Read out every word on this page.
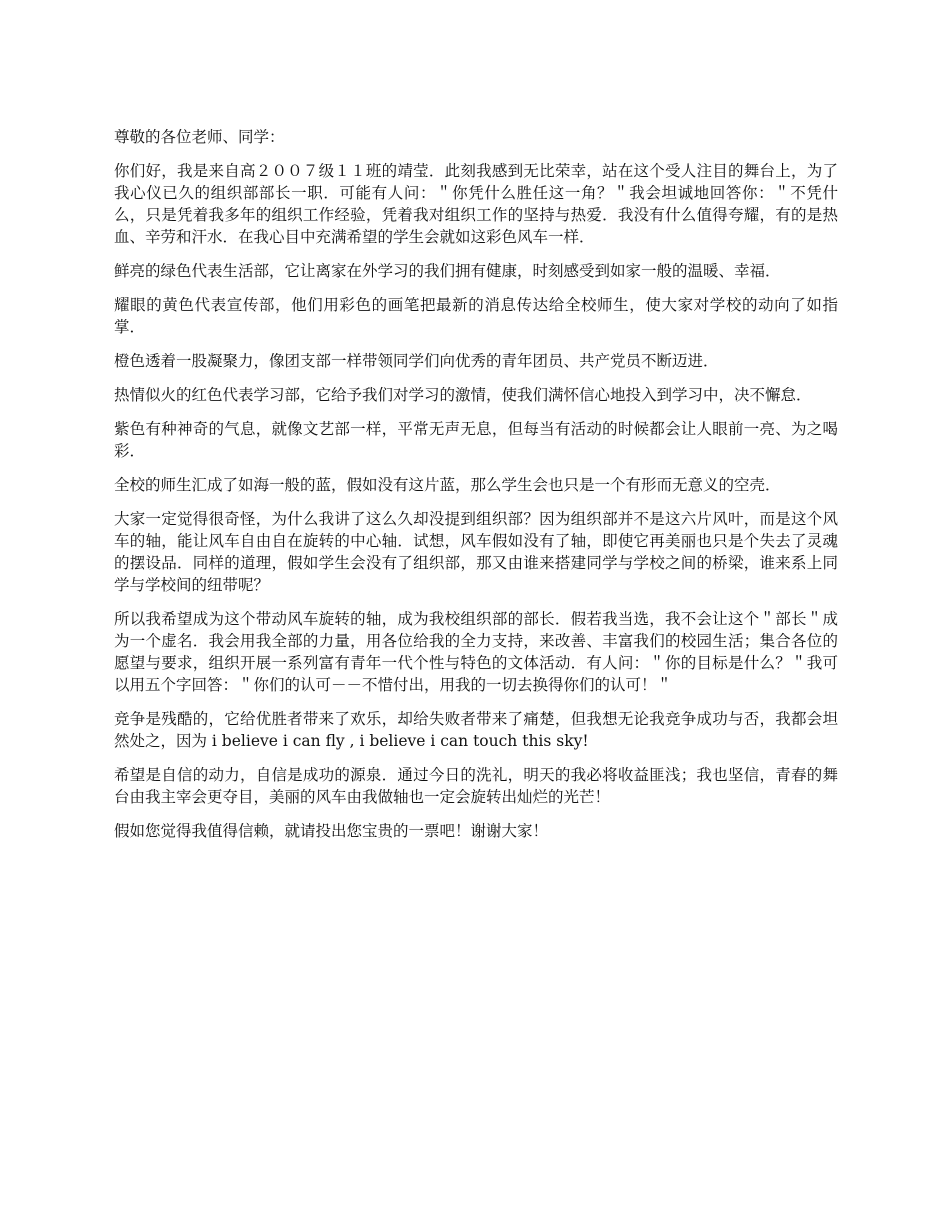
尊敬的各位老师、同学：

你们好，我是来自高２００７级１１班的靖莹．此刻我感到无比荣幸，站在这个受人注目的舞台上，为了我心仪已久的组织部部长一职．可能有人问：＂你凭什么胜任这一角？＂我会坦诚地回答你：＂不凭什么，只是凭着我多年的组织工作经验，凭着我对组织工作的坚持与热爱．我没有什么值得夸耀，有的是热血、辛劳和汗水．在我心目中充满希望的学生会就如这彩色风车一样．

鲜亮的绿色代表生活部，它让离家在外学习的我们拥有健康，时刻感受到如家一般的温暖、幸福．

耀眼的黄色代表宣传部，他们用彩色的画笔把最新的消息传达给全校师生，使大家对学校的动向了如指掌．

橙色透着一股凝聚力，像团支部一样带领同学们向优秀的青年团员、共产党员不断迈进．

热情似火的红色代表学习部，它给予我们对学习的激情，使我们满怀信心地投入到学习中，决不懈怠．

紫色有种神奇的气息，就像文艺部一样，平常无声无息，但每当有活动的时候都会让人眼前一亮、为之喝彩．

全校的师生汇成了如海一般的蓝，假如没有这片蓝，那么学生会也只是一个有形而无意义的空壳．

大家一定觉得很奇怪，为什么我讲了这么久却没提到组织部？因为组织部并不是这六片风叶，而是这个风车的轴，能让风车自由自在旋转的中心轴．试想，风车假如没有了轴，即使它再美丽也只是个失去了灵魂的摆设品．同样的道理，假如学生会没有了组织部，那又由谁来搭建同学与学校之间的桥梁，谁来系上同学与学校间的纽带呢？

所以我希望成为这个带动风车旋转的轴，成为我校组织部的部长．假若我当选，我不会让这个＂部长＂成为一个虚名．我会用我全部的力量，用各位给我的全力支持，来改善、丰富我们的校园生活；集合各位的愿望与要求，组织开展一系列富有青年一代个性与特色的文体活动．有人问：＂你的目标是什么？＂我可以用五个字回答：＂你们的认可－－不惜付出，用我的一切去换得你们的认可！＂

竞争是残酷的，它给优胜者带来了欢乐，却给失败者带来了痛楚，但我想无论我竞争成功与否，我都会坦然处之，因为 i believe i can fly , i believe i can touch this sky!

希望是自信的动力，自信是成功的源泉．通过今日的洗礼，明天的我必将收益匪浅；我也坚信，青春的舞台由我主宰会更夺目，美丽的风车由我做轴也一定会旋转出灿烂的光芒！

假如您觉得我值得信赖，就请投出您宝贵的一票吧！谢谢大家！
